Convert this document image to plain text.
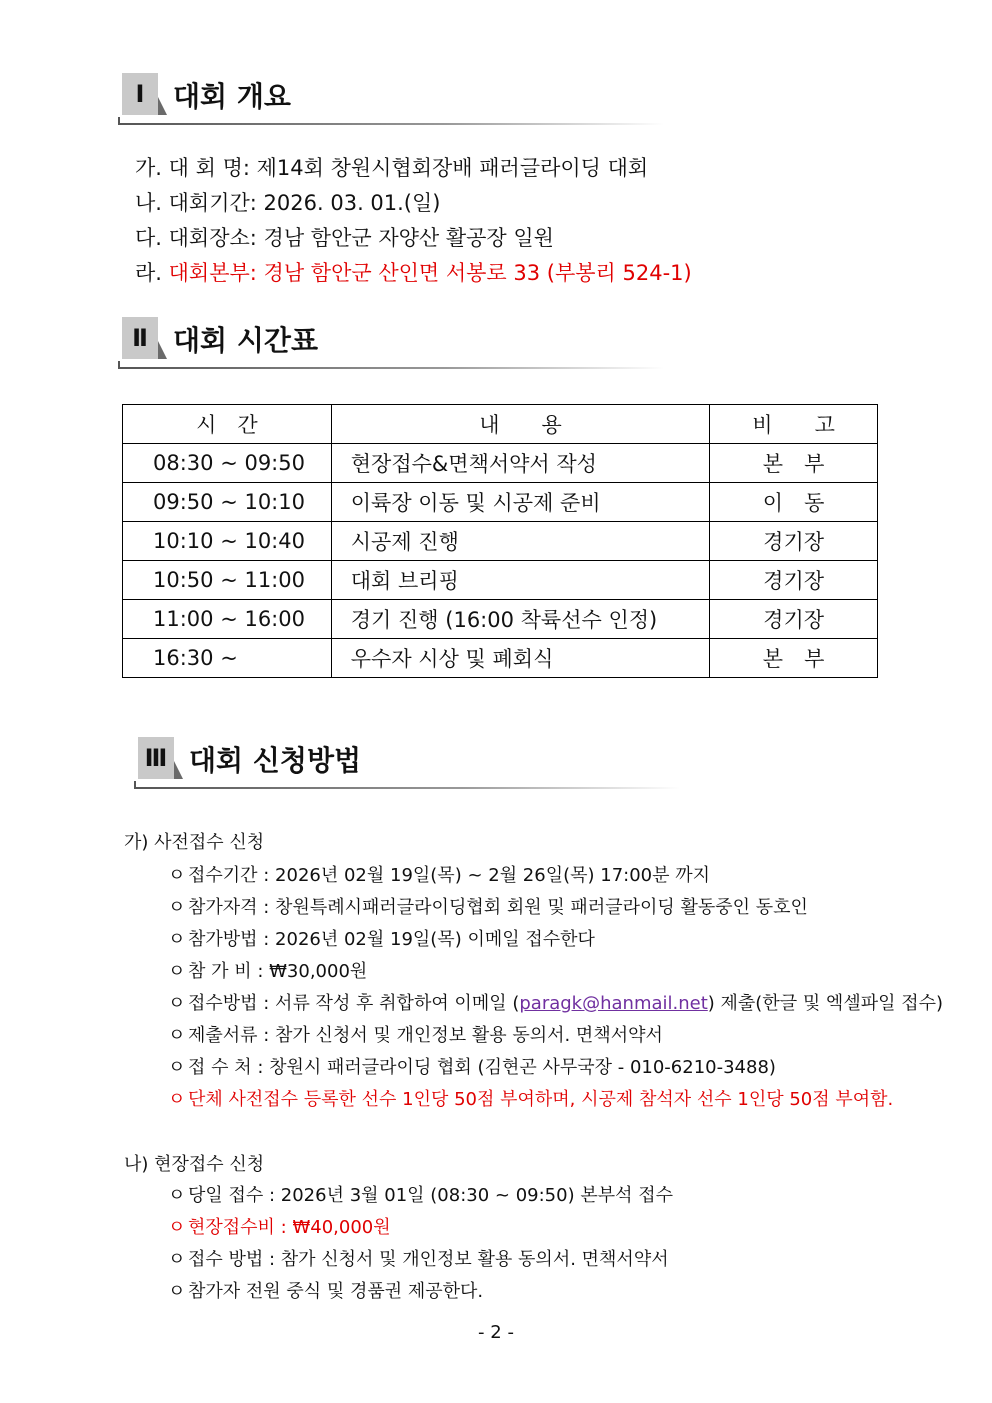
Ⅰ 대회 개요
가. 대 회 명: 제14회 창원시협회장배 패러글라이딩 대회
나. 대회기간: 2026. 03. 01.(일)
다. 대회장소: 경남 함안군 자양산 활공장 일원
라. 대회본부: 경남 함안군 산인면 서봉로 33 (부봉리 524-1)
Ⅱ 대회 시간표
시　간	내　　용	비　　고
08:30 ~ 09:50	현장접수&면책서약서 작성	본　부
09:50 ~ 10:10	이륙장 이동 및 시공제 준비	이　동
10:10 ~ 10:40	시공제 진행	경기장
10:50 ~ 11:00	대회 브리핑	경기장
11:00 ~ 16:00	경기 진행 (16:00 착륙선수 인정)	경기장
16:30 ~	우수자 시상 및 폐회식	본　부
Ⅲ 대회 신청방법
가) 사전접수 신청
ㅇ 접수기간 : 2026년 02월 19일(목) ~ 2월 26일(목) 17:00분 까지
ㅇ 참가자격 : 창원특례시패러글라이딩협회 회원 및 패러글라이딩 활동중인 동호인
ㅇ 참가방법 : 2026년 02월 19일(목) 이메일 접수한다
ㅇ 참 가 비 : ₩30,000원
ㅇ 접수방법 : 서류 작성 후 취합하여 이메일 (paragk@hanmail.net) 제출(한글 및 엑셀파일 접수)
ㅇ 제출서류 : 참가 신청서 및 개인정보 활용 동의서. 면책서약서
ㅇ 접 수 처 : 창원시 패러글라이딩 협회 (김현곤 사무국장 - 010-6210-3488)
ㅇ 단체 사전접수 등록한 선수 1인당 50점 부여하며, 시공제 참석자 선수 1인당 50점 부여함.
나) 현장접수 신청
ㅇ 당일 접수 : 2026년 3월 01일 (08:30 ~ 09:50) 본부석 접수
ㅇ 현장접수비 : ₩40,000원
ㅇ 접수 방법 : 참가 신청서 및 개인정보 활용 동의서. 면책서약서
ㅇ 참가자 전원 중식 및 경품권 제공한다.
- 2 -
